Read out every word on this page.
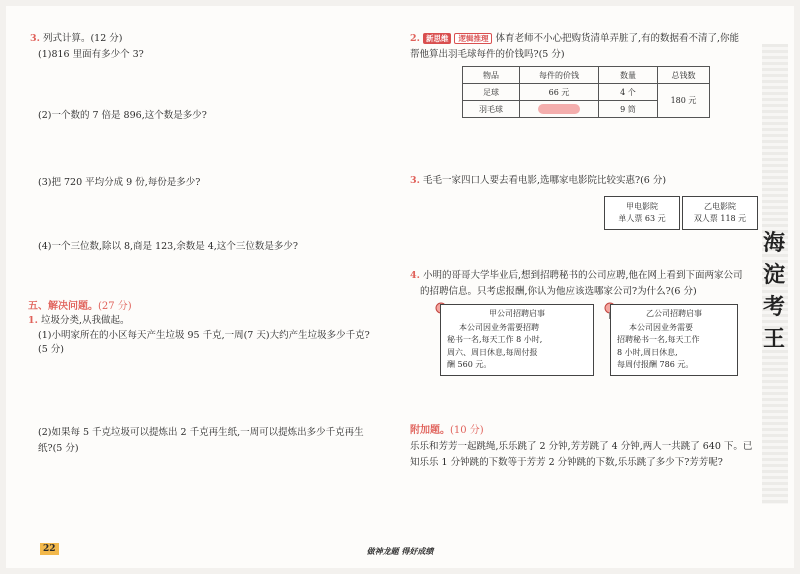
3. 列式计算。(12 分)
(1)816 里面有多少个 3?
(2)一个数的 7 倍是 896,这个数是多少?
(3)把 720 平均分成 9 份,每份是多少?
(4)一个三位数,除以 8,商是 123,余数是 4,这个三位数是多少?
五、解决问题。(27 分)
1. 垃圾分类,从我做起。
(1)小明家所在的小区每天产生垃圾 95 千克,一周(7 天)大约产生垃圾多少千克?
(5 分)
(2)如果每 5 千克垃圾可以提炼出 2 千克再生纸,一周可以提炼出多少千克再生
纸?(5 分)
2. 新思维 逻辑推理 体育老师不小心把购货清单弄脏了,有的数据看不清了,你能
帮他算出羽毛球每件的价钱吗?(5 分)
物品	每件的价钱	数量	总钱数
足球	66 元	4 个	180 元
羽毛球		9 筒	
3. 毛毛一家四口人要去看电影,选哪家电影院比较实惠?(6 分)
甲电影院
单人票 63 元
乙电影院
双人票 118 元
4. 小明的哥哥大学毕业后,想到招聘秘书的公司应聘,他在网上看到下面两家公司
的招聘信息。只考虑报酬,你认为他应该选哪家公司?为什么?(6 分)
甲公司招聘启事
本公司因业务需要招聘
秘书一名,每天工作 8 小时,
周六、周日休息,每周付报
酬 560 元。
乙公司招聘启事
本公司因业务需要
招聘秘书一名,每天工作
8 小时,周日休息,
每周付报酬 786 元。
附加题。(10 分)
乐乐和芳芳一起跳绳,乐乐跳了 2 分钟,芳芳跳了 4 分钟,两人一共跳了 640 下。已
知乐乐 1 分钟跳的下数等于芳芳 2 分钟跳的下数,乐乐跳了多少下?芳芳呢?
海
淀
考
王
22	做神龙题 得好成绩
